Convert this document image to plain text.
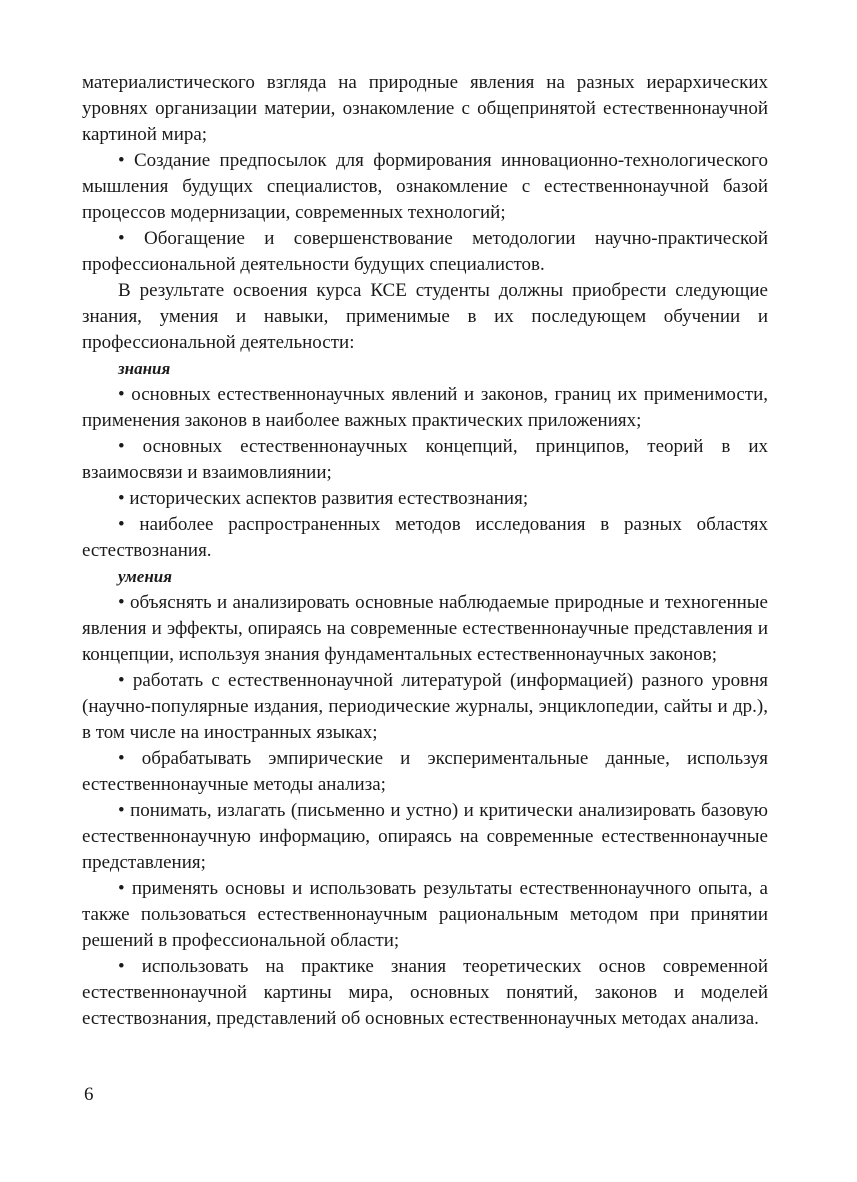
материалистического взгляда на природные явления на разных иерархических уровнях организации материи, ознакомление с общепринятой естественнонаучной картиной мира;

• Создание предпосылок для формирования инновационно-технологического мышления будущих специалистов, ознакомление с естественнонаучной базой процессов модернизации, современных технологий;

• Обогащение и совершенствование методологии научно-практической профессиональной деятельности будущих специалистов.

В результате освоения курса КСЕ студенты должны приобрести следующие знания, умения и навыки, применимые в их последующем обучении и профессиональной деятельности:

знания

• основных естественнонаучных явлений и законов, границ их применимости, применения законов в наиболее важных практических приложениях;

• основных естественнонаучных концепций, принципов, теорий в их взаимосвязи и взаимовлиянии;

• исторических аспектов развития естествознания;

• наиболее распространенных методов исследования в разных областях естествознания.

умения

• объяснять и анализировать основные наблюдаемые природные и техногенные явления и эффекты, опираясь на современные естественнонаучные представления и концепции, используя знания фундаментальных естественнонаучных законов;

• работать с естественнонаучной литературой (информацией) разного уровня (научно-популярные издания, периодические журналы, энциклопедии, сайты и др.), в том числе на иностранных языках;

• обрабатывать эмпирические и экспериментальные данные, используя естественнонаучные методы анализа;

• понимать, излагать (письменно и устно) и критически анализировать базовую естественнонаучную информацию, опираясь на современные естественнонаучные представления;

• применять основы и использовать результаты естественнонаучного опыта, а также пользоваться естественнонаучным рациональным методом при принятии решений в профессиональной области;

• использовать на практике знания теоретических основ современной естественнонаучной картины мира, основных понятий, законов и моделей естествознания, представлений об основных естественнонаучных методах анализа.

6
